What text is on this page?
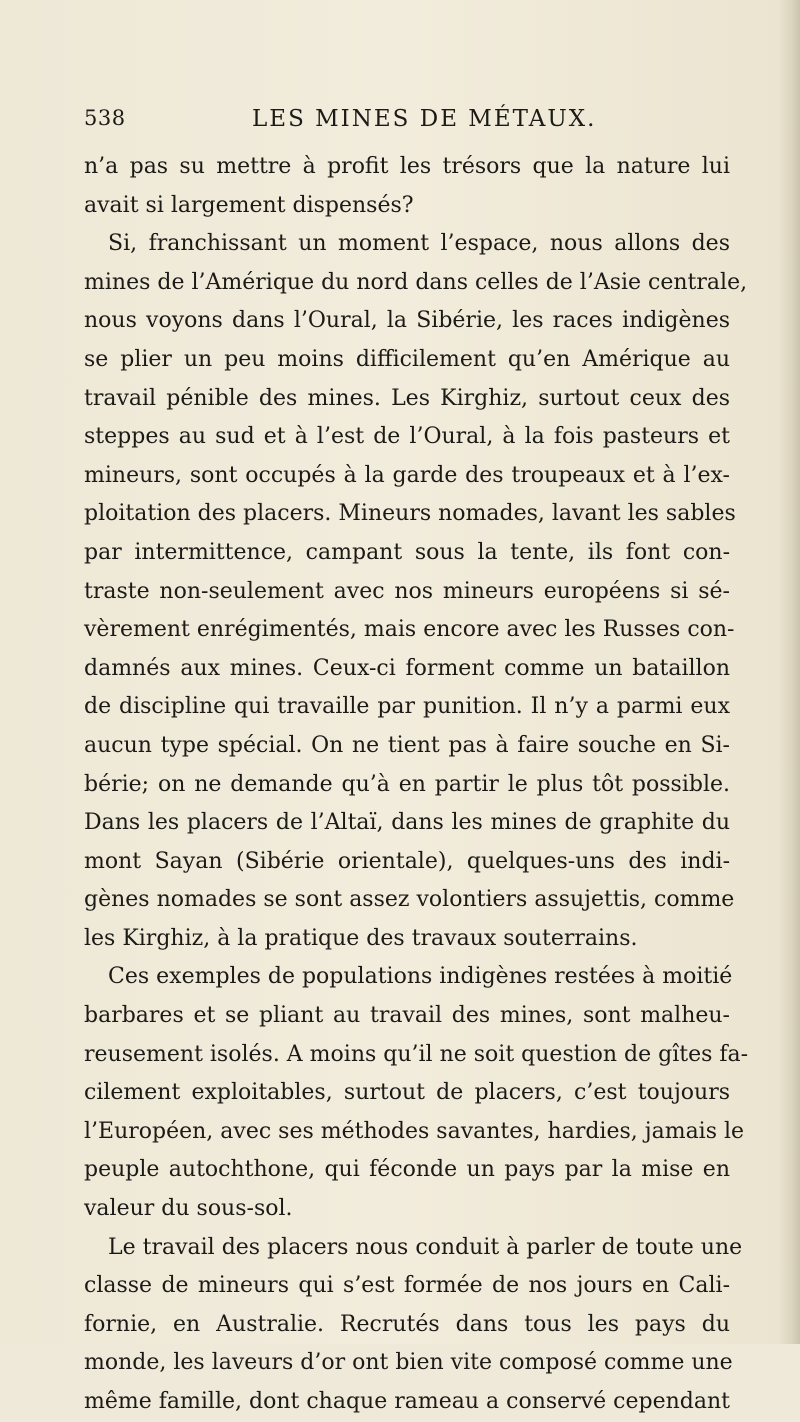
538	LES MINES DE MÉTAUX.
n’a pas su mettre à profit les trésors que la nature lui
avait si largement dispensés?
Si, franchissant un moment l’espace, nous allons des
mines de l’Amérique du nord dans celles de l’Asie centrale,
nous voyons dans l’Oural, la Sibérie, les races indigènes
se plier un peu moins difficilement qu’en Amérique au
travail pénible des mines. Les Kirghiz, surtout ceux des
steppes au sud et à l’est de l’Oural, à la fois pasteurs et
mineurs, sont occupés à la garde des troupeaux et à l’ex-
ploitation des placers. Mineurs nomades, lavant les sables
par intermittence, campant sous la tente, ils font con-
traste non-seulement avec nos mineurs européens si sé-
vèrement enrégimentés, mais encore avec les Russes con-
damnés aux mines. Ceux-ci forment comme un bataillon
de discipline qui travaille par punition. Il n’y a parmi eux
aucun type spécial. On ne tient pas à faire souche en Si-
bérie; on ne demande qu’à en partir le plus tôt possible.
Dans les placers de l’Altaï, dans les mines de graphite du
mont Sayan (Sibérie orientale), quelques-uns des indi-
gènes nomades se sont assez volontiers assujettis, comme
les Kirghiz, à la pratique des travaux souterrains.
Ces exemples de populations indigènes restées à moitié
barbares et se pliant au travail des mines, sont malheu-
reusement isolés. A moins qu’il ne soit question de gîtes fa-
cilement exploitables, surtout de placers, c’est toujours
l’Européen, avec ses méthodes savantes, hardies, jamais le
peuple autochthone, qui féconde un pays par la mise en
valeur du sous-sol.
Le travail des placers nous conduit à parler de toute une
classe de mineurs qui s’est formée de nos jours en Cali-
fornie, en Australie. Recrutés dans tous les pays du
monde, les laveurs d’or ont bien vite composé comme une
même famille, dont chaque rameau a conservé cependant
